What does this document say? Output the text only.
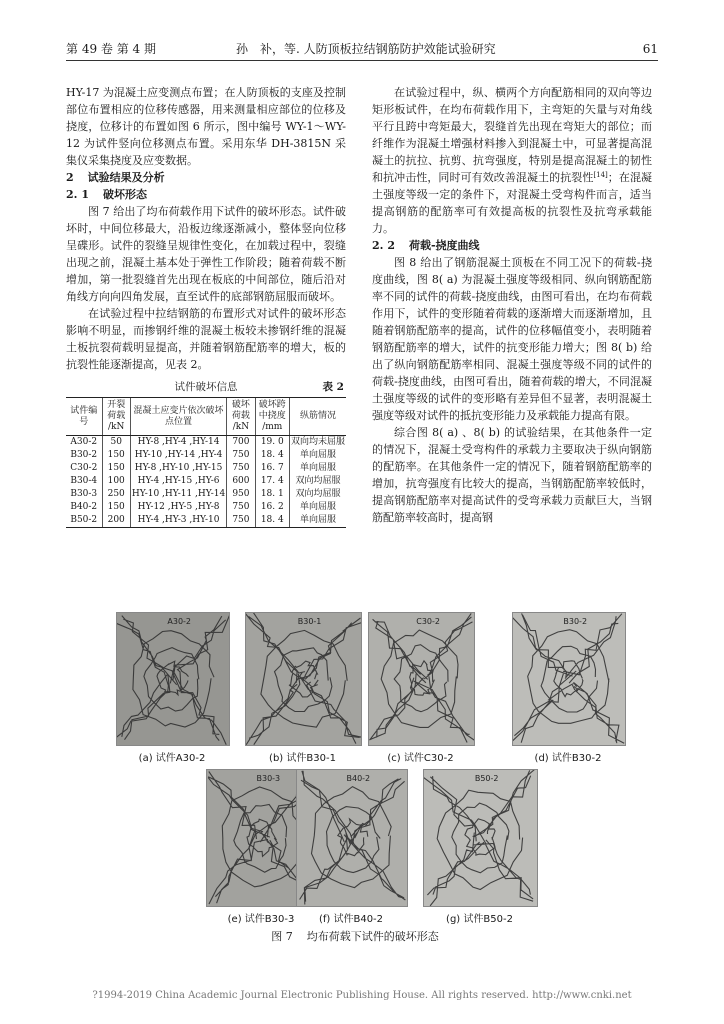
第 49 卷 第 4 期	孙　补，等. 人防顶板拉结钢筋防护效能试验研究	61

HY-17 为混凝土应变测点布置；在人防顶板的支座及控制部位布置相应的位移传感器，用来测量相应部位的位移及挠度，位移计的布置如图 6 所示，图中编号 WY-1～WY-12 为试件竖向位移测点布置。采用东华 DH-3815N 采集仪采集挠度及应变数据。

2 试验结果及分析
2. 1 破坏形态

图 7 给出了均布荷载作用下试件的破坏形态。试件破坏时，中间位移最大，沿板边缘逐渐减小，整体竖向位移呈碟形。试件的裂缝呈规律性变化，在加载过程中，裂缝出现之前，混凝土基本处于弹性工作阶段；随着荷载不断增加，第一批裂缝首先出现在板底的中间部位，随后沿对角线方向向四角发展，直至试件的底部钢筋屈服而破坏。

在试验过程中拉结钢筋的布置形式对试件的破坏形态影响不明显，而掺钢纤维的混凝土板较未掺钢纤维的混凝土板抗裂荷载明显提高，并随着钢筋配筋率的增大，板的抗裂性能逐渐提高，见表 2。

试件破坏信息	表 2
试件编号	开裂荷载 /kN	混凝土应变片依次破坏点位置	破坏荷载 /kN	破坏跨中挠度 /mm	纵筋情况
A30-2	50	HY-8 ,HY-4 ,HY-14	700	19. 0	双向均未屈服
B30-2	150	HY-10 ,HY-14 ,HY-4	750	18. 4	单向屈服
C30-2	150	HY-8 ,HY-10 ,HY-15	750	16. 7	单向屈服
B30-4	100	HY-4 ,HY-15 ,HY-6	600	17. 4	双向均屈服
B30-3	250	HY-10 ,HY-11 ,HY-14	950	18. 1	双向均屈服
B40-2	150	HY-12 ,HY-5 ,HY-8	750	16. 2	单向屈服
B50-2	200	HY-4 ,HY-3 ,HY-10	750	18. 4	单向屈服

在试验过程中，纵、横两个方向配筋相同的双向等边矩形板试件，在均布荷载作用下，主弯矩的矢量与对角线平行且跨中弯矩最大，裂缝首先出现在弯矩大的部位；而纤维作为混凝土增强材料掺入到混凝土中，可显著提高混凝土的抗拉、抗剪、抗弯强度，特别是提高混凝土的韧性和抗冲击性，同时可有效改善混凝土的抗裂性[14]；在混凝土强度等级一定的条件下，对混凝土受弯构件而言，适当提高钢筋的配筋率可有效提高板的抗裂性及抗弯承载能力。

2. 2 荷载-挠度曲线

图 8 给出了钢筋混凝土顶板在不同工况下的荷载-挠度曲线，图 8( a) 为混凝土强度等级相同、纵向钢筋配筋率不同的试件的荷载-挠度曲线，由图可看出，在均布荷载作用下，试件的变形随着荷载的逐渐增大而逐渐增加，且随着钢筋配筋率的提高，试件的位移幅值变小，表明随着钢筋配筋率的增大，试件的抗变形能力增大；图 8( b) 给出了纵向钢筋配筋率相同、混凝土强度等级不同的试件的荷载-挠度曲线，由图可看出，随着荷载的增大，不同混凝土强度等级的试件的变形略有差异但不显著，表明混凝土强度等级对试件的抵抗变形能力及承载能力提高有限。

综合图 8( a) 、8( b) 的试验结果，在其他条件一定的情况下，混凝土受弯构件的承载力主要取决于纵向钢筋的配筋率。在其他条件一定的情况下，随着钢筋配筋率的增加，抗弯强度有比较大的提高，当钢筋配筋率较低时，提高钢筋配筋率对提高试件的受弯承载力贡献巨大，当钢筋配筋率较高时，提高钢

A30-2
(a) 试件A30-2
B30-1
(b) 试件B30-1
C30-2
(c) 试件C30-2
B30-2
(d) 试件B30-2
B30-3
(e) 试件B30-3
B40-2
(f) 试件B40-2
B50-2
(g) 试件B50-2
图 7 均布荷载下试件的破坏形态
?1994-2019 China Academic Journal Electronic Publishing House. All rights reserved. http://www.cnki.net
